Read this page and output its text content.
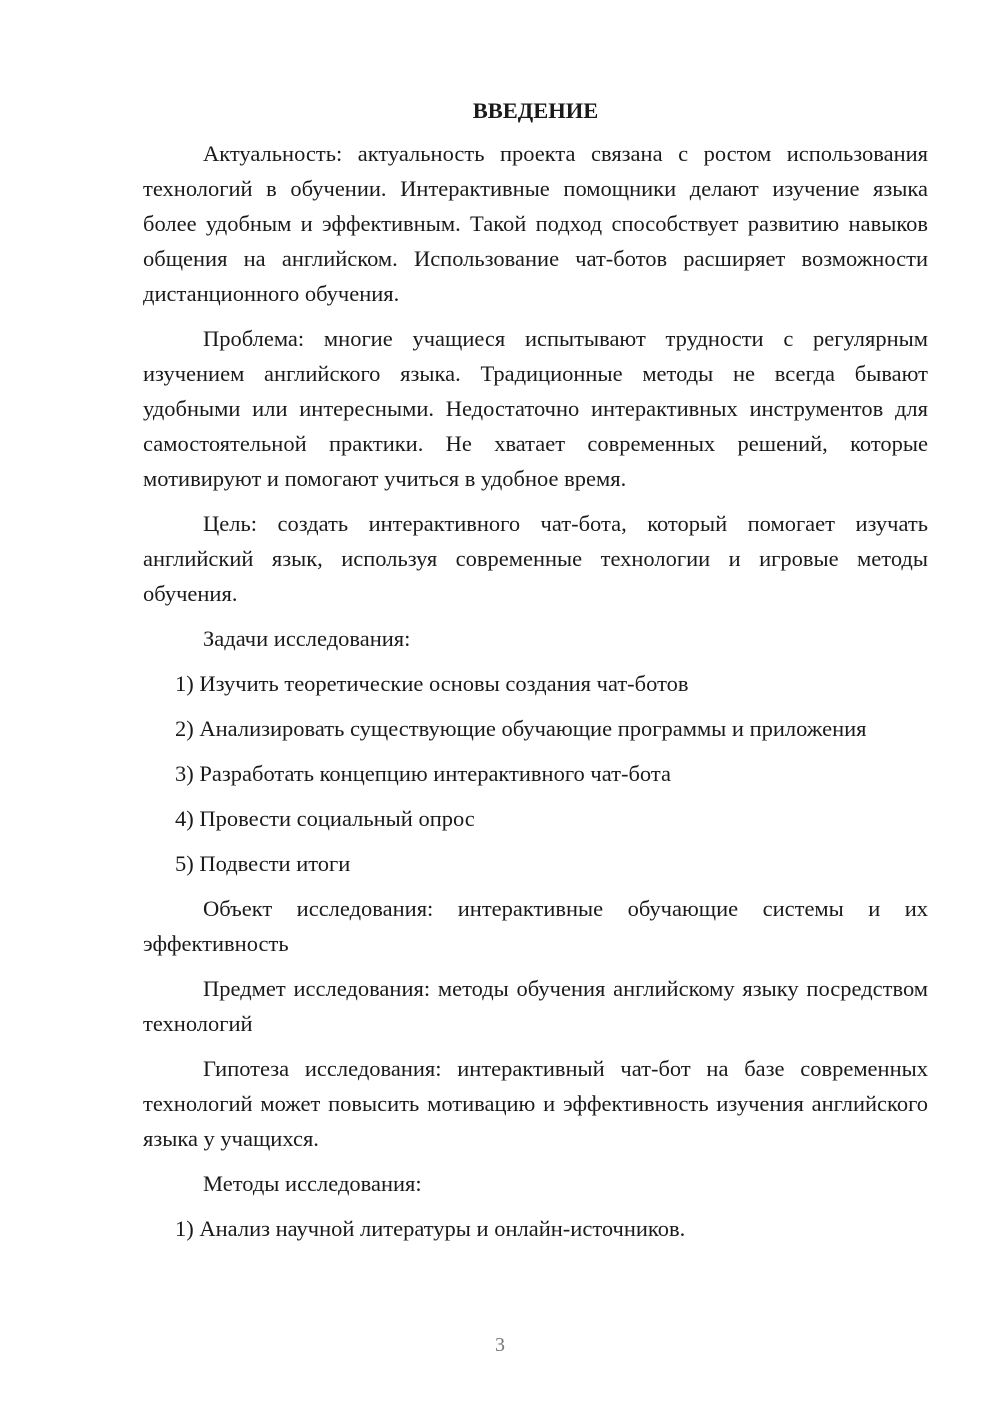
ВВЕДЕНИЕ

Актуальность: актуальность проекта связана с ростом использования технологий в обучении. Интерактивные помощники делают изучение языка более удобным и эффективным. Такой подход способствует развитию навыков общения на английском. Использование чат-ботов расширяет возможности дистанционного обучения.

Проблема: многие учащиеся испытывают трудности с регулярным изучением английского языка. Традиционные методы не всегда бывают удобными или интересными. Недостаточно интерактивных инструментов для самостоятельной практики. Не хватает современных решений, которые мотивируют и помогают учиться в удобное время.

Цель: создать интерактивного чат-бота, который помогает изучать английский язык, используя современные технологии и игровые методы обучения.

Задачи исследования:

1) Изучить теоретические основы создания чат-ботов

2) Анализировать существующие обучающие программы и приложения

3) Разработать концепцию интерактивного чат-бота

4) Провести социальный опрос

5) Подвести итоги

Объект исследования: интерактивные обучающие системы и их эффективность

Предмет исследования: методы обучения английскому языку посредством технологий

Гипотеза исследования: интерактивный чат-бот на базе современных технологий может повысить мотивацию и эффективность изучения английского языка у учащихся.

Методы исследования:

1) Анализ научной литературы и онлайн-источников.

3
